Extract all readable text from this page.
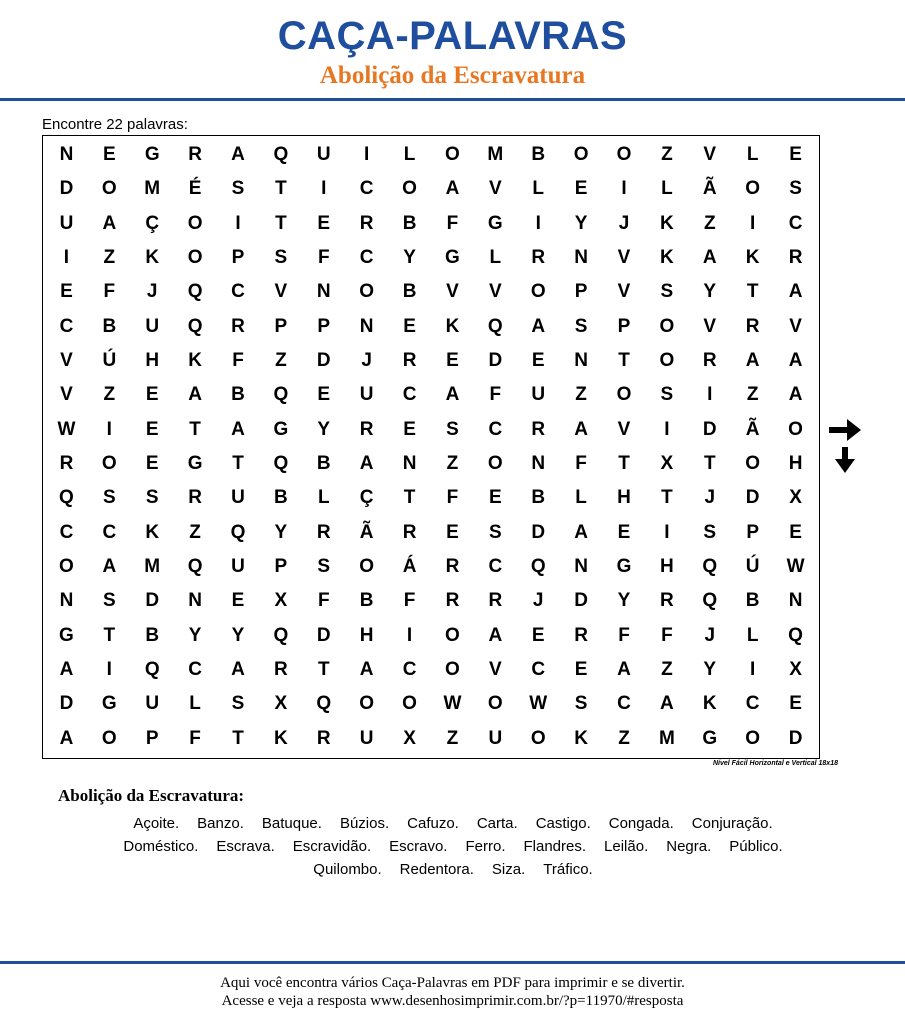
CAÇA-PALAVRAS
Abolição da Escravatura
Encontre 22 palavras:
N	E	G	R	A	Q	U	I	L	O	M	B	O	O	Z	V	L	E
D	O	M	É	S	T	I	C	O	A	V	L	E	I	L	Ã	O	S
U	A	Ç	O	I	T	E	R	B	F	G	I	Y	J	K	Z	I	C
I	Z	K	O	P	S	F	C	Y	G	L	R	N	V	K	A	K	R
E	F	J	Q	C	V	N	O	B	V	V	O	P	V	S	Y	T	A
C	B	U	Q	R	P	P	N	E	K	Q	A	S	P	O	V	R	V
V	Ú	H	K	F	Z	D	J	R	E	D	E	N	T	O	R	A	A
V	Z	E	A	B	Q	E	U	C	A	F	U	Z	O	S	I	Z	A
W	I	E	T	A	G	Y	R	E	S	C	R	A	V	I	D	Ã	O
R	O	E	G	T	Q	B	A	N	Z	O	N	F	T	X	T	O	H
Q	S	S	R	U	B	L	Ç	T	F	E	B	L	H	T	J	D	X
C	C	K	Z	Q	Y	R	Ã	R	E	S	D	A	E	I	S	P	E
O	A	M	Q	U	P	S	O	Á	R	C	Q	N	G	H	Q	Ú	W
N	S	D	N	E	X	F	B	F	R	R	J	D	Y	R	Q	B	N
G	T	B	Y	Y	Q	D	H	I	O	A	E	R	F	F	J	L	Q
A	I	Q	C	A	R	T	A	C	O	V	C	E	A	Z	Y	I	X
D	G	U	L	S	X	Q	O	O	W	O	W	S	C	A	K	C	E
A	O	P	F	T	K	R	U	X	Z	U	O	K	Z	M	G	O	D
Nível Fácil Horizontal e Vertical 18x18
Abolição da Escravatura:
Açoite. Banzo. Batuque. Búzios. Cafuzo. Carta. Castigo. Congada. Conjuração.
Doméstico. Escrava. Escravidão. Escravo. Ferro. Flandres. Leilão. Negra. Público.
Quilombo. Redentora. Siza. Tráfico.
Aqui você encontra vários Caça-Palavras em PDF para imprimir e se divertir.
Acesse e veja a resposta www.desenhosimprimir.com.br/?p=11970/#resposta
